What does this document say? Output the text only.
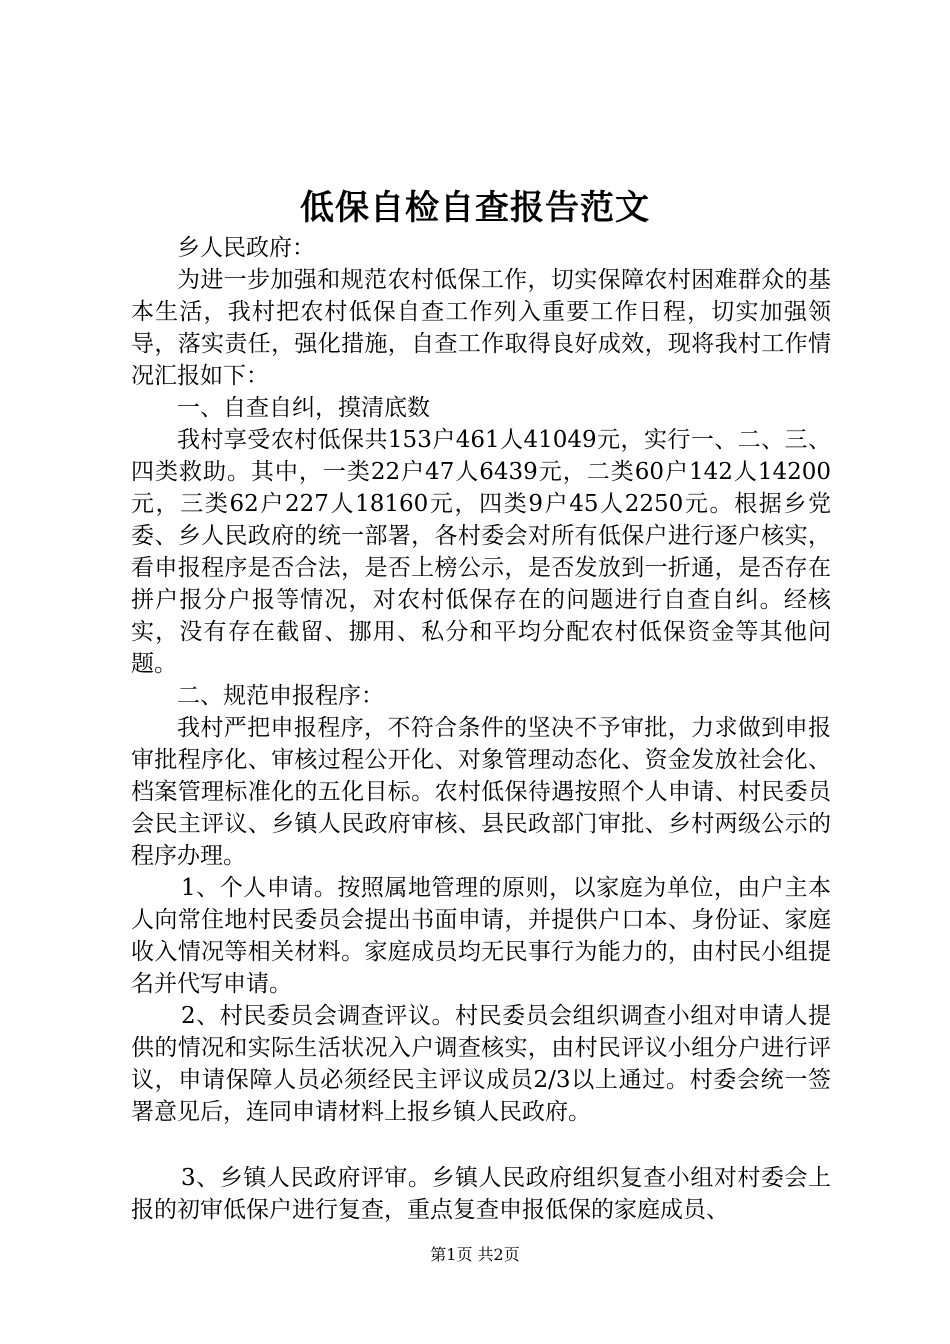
低保自检自查报告范文

乡人民政府：

为进一步加强和规范农村低保工作，切实保障农村困难群众的基本生活，我村把农村低保自查工作列入重要工作日程，切实加强领导，落实责任，强化措施，自查工作取得良好成效，现将我村工作情况汇报如下：

一、自查自纠，摸清底数

我村享受农村低保共153户461人41049元，实行一、二、三、四类救助。其中，一类22户47人6439元，二类60户142人14200元，三类62户227人18160元，四类9户45人2250元。根据乡党委、乡人民政府的统一部署，各村委会对所有低保户进行逐户核实，看申报程序是否合法，是否上榜公示，是否发放到一折通，是否存在拼户报分户报等情况，对农村低保存在的问题进行自查自纠。经核实，没有存在截留、挪用、私分和平均分配农村低保资金等其他问题。

二、规范申报程序：

我村严把申报程序，不符合条件的坚决不予审批，力求做到申报审批程序化、审核过程公开化、对象管理动态化、资金发放社会化、档案管理标准化的五化目标。农村低保待遇按照个人申请、村民委员会民主评议、乡镇人民政府审核、县民政部门审批、乡村两级公示的程序办理。

1、个人申请。按照属地管理的原则，以家庭为单位，由户主本人向常住地村民委员会提出书面申请，并提供户口本、身份证、家庭收入情况等相关材料。家庭成员均无民事行为能力的，由村民小组提名并代写申请。

2、村民委员会调查评议。村民委员会组织调查小组对申请人提供的情况和实际生活状况入户调查核实，由村民评议小组分户进行评议，申请保障人员必须经民主评议成员2/3以上通过。村委会统一签署意见后，连同申请材料上报乡镇人民政府。

3、乡镇人民政府评审。乡镇人民政府组织复查小组对村委会上报的初审低保户进行复查，重点复查申报低保的家庭成员、

第1页 共2页
